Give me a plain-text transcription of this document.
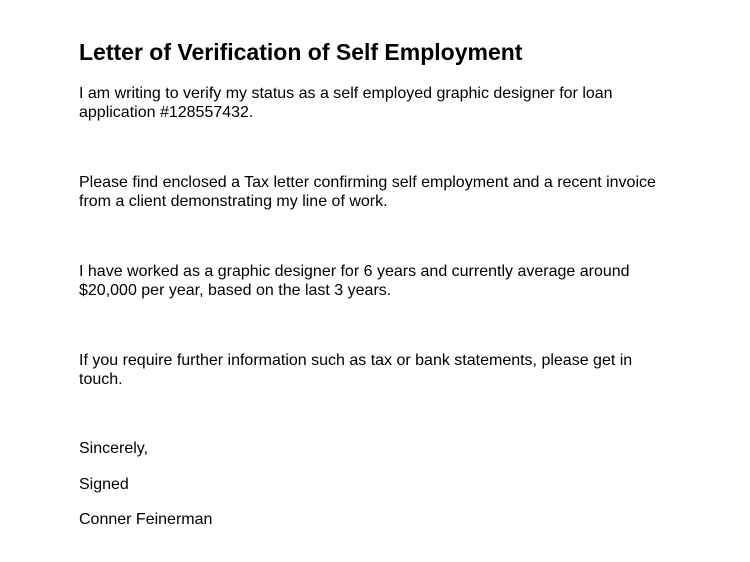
Letter of Verification of Self Employment

I am writing to verify my status as a self employed graphic designer for loan
application #128557432.

Please find enclosed a Tax letter confirming self employment and a recent invoice
from a client demonstrating my line of work.

I have worked as a graphic designer for 6 years and currently average around
$20,000 per year, based on the last 3 years.

If you require further information such as tax or bank statements, please get in
touch.

Sincerely,

Signed

Conner Feinerman
